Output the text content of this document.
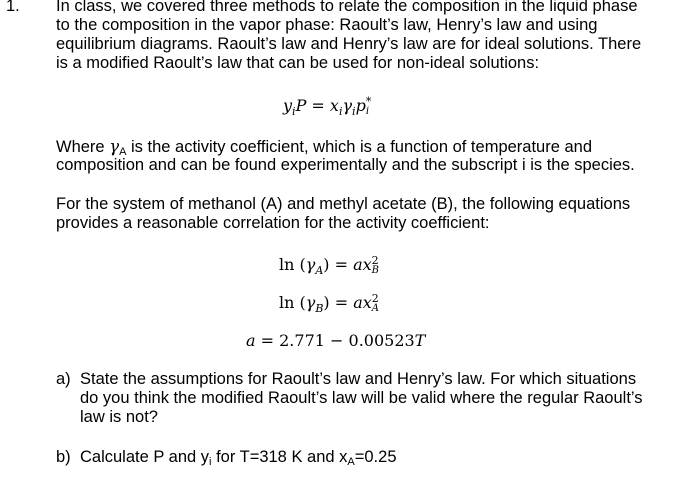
1. In class, we covered three methods to relate the composition in the liquid phase
to the composition in the vapor phase: Raoult’s law, Henry’s law and using
equilibrium diagrams. Raoult’s law and Henry’s law are for ideal solutions. There
is a modified Raoult’s law that can be used for non-ideal solutions:
$y_iP = x_i\gamma_ip$ *
i
Where γA is the activity coefficient, which is a function of temperature and
composition and can be found experimentally and the subscript i is the species.
For the system of methanol (A) and methyl acetate (B), the following equations
provides a reasonable correlation for the activity coefficient:
$\ln (\gamma_A)$ = ax 2
B
$\ln (\gamma_B)$ = ax 2
A
a = 2.771 − 0.00523T
a) State the assumptions for Raoult’s law and Henry’s law. For which situations
do you think the modified Raoult’s law will be valid where the regular Raoult’s
law is not?
b) Calculate P and yi for T=318 K and xA=0.25
